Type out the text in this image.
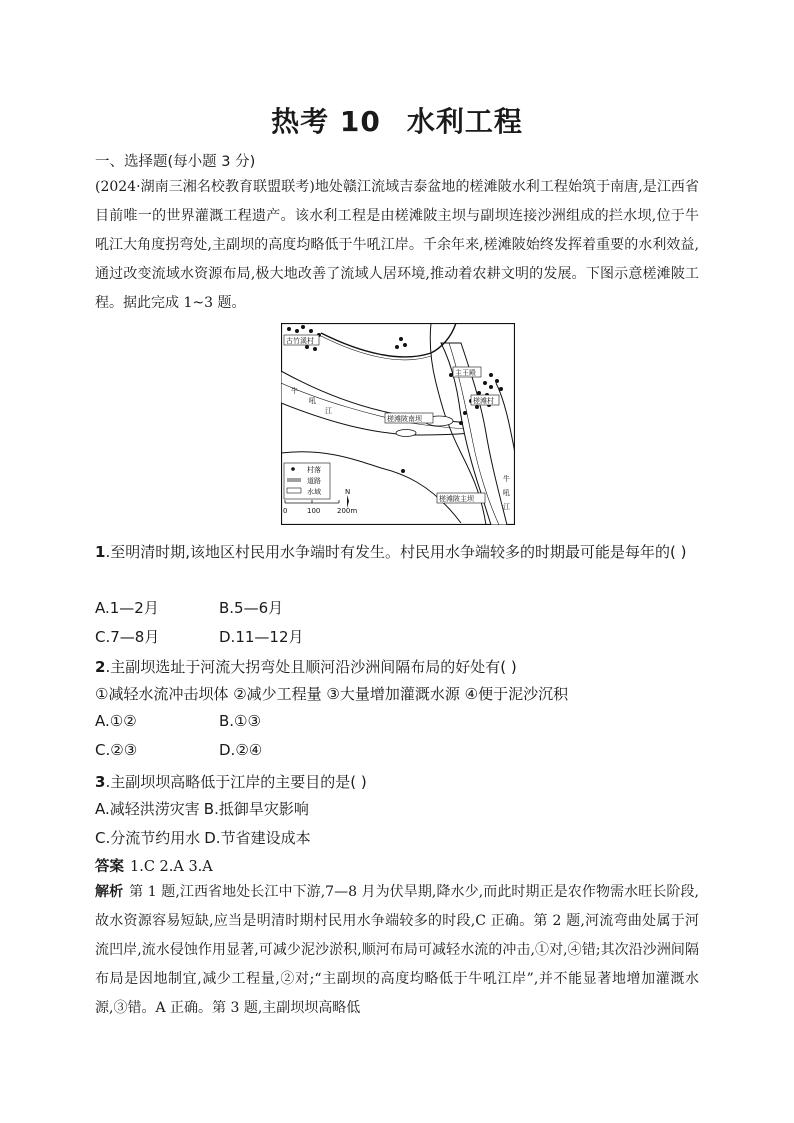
热考 10 水利工程
一、选择题(每小题 3 分)
(2024·湖南三湘名校教育联盟联考)地处赣江流域吉泰盆地的槎滩陂水利工程始筑于南唐,是江西省目前唯一的世界灌溉工程遗产。该水利工程是由槎滩陂主坝与副坝连接沙洲组成的拦水坝,位于牛吼江大角度拐弯处,主副坝的高度均略低于牛吼江岸。千余年来,槎滩陂始终发挥着重要的水利效益,通过改变流域水资源布局,极大地改善了流域人居环境,推动着农耕文明的发展。下图示意槎滩陂工程。据此完成 1~3 题。
古竹溪村
主王殿
槎滩村
槎滩陂南坝
槎滩陂主坝
牛
吼
江
牛
吼
江
村落
道路
水域
0	100 200m
N
1.至明清时期,该地区村民用水争端时有发生。村民用水争端较多的时期最可能是每年的( )
A.1—2月	B.5—6月
C.7—8月	D.11—12月
2.主副坝选址于河流大拐弯处且顺河沿沙洲间隔布局的好处有( )
①减轻水流冲击坝体 ②减少工程量 ③大量增加灌溉水源 ④便于泥沙沉积
A.①②	B.①③
C.②③	D.②④
3.主副坝坝高略低于江岸的主要目的是( )
A.减轻洪涝灾害 B.抵御旱灾影响
C.分流节约用水 D.节省建设成本
答案 1.C 2.A 3.A
解析 第 1 题,江西省地处长江中下游,7—8 月为伏旱期,降水少,而此时期正是农作物需水旺长阶段,故水资源容易短缺,应当是明清时期村民用水争端较多的时段,C 正确。第 2 题,河流弯曲处属于河流凹岸,流水侵蚀作用显著,可减少泥沙淤积,顺河布局可减轻水流的冲击,①对,④错;其次沿沙洲间隔布局是因地制宜,减少工程量,②对;“主副坝的高度均略低于牛吼江岸”,并不能显著地增加灌溉水源,③错。A 正确。第 3 题,主副坝坝高略低
